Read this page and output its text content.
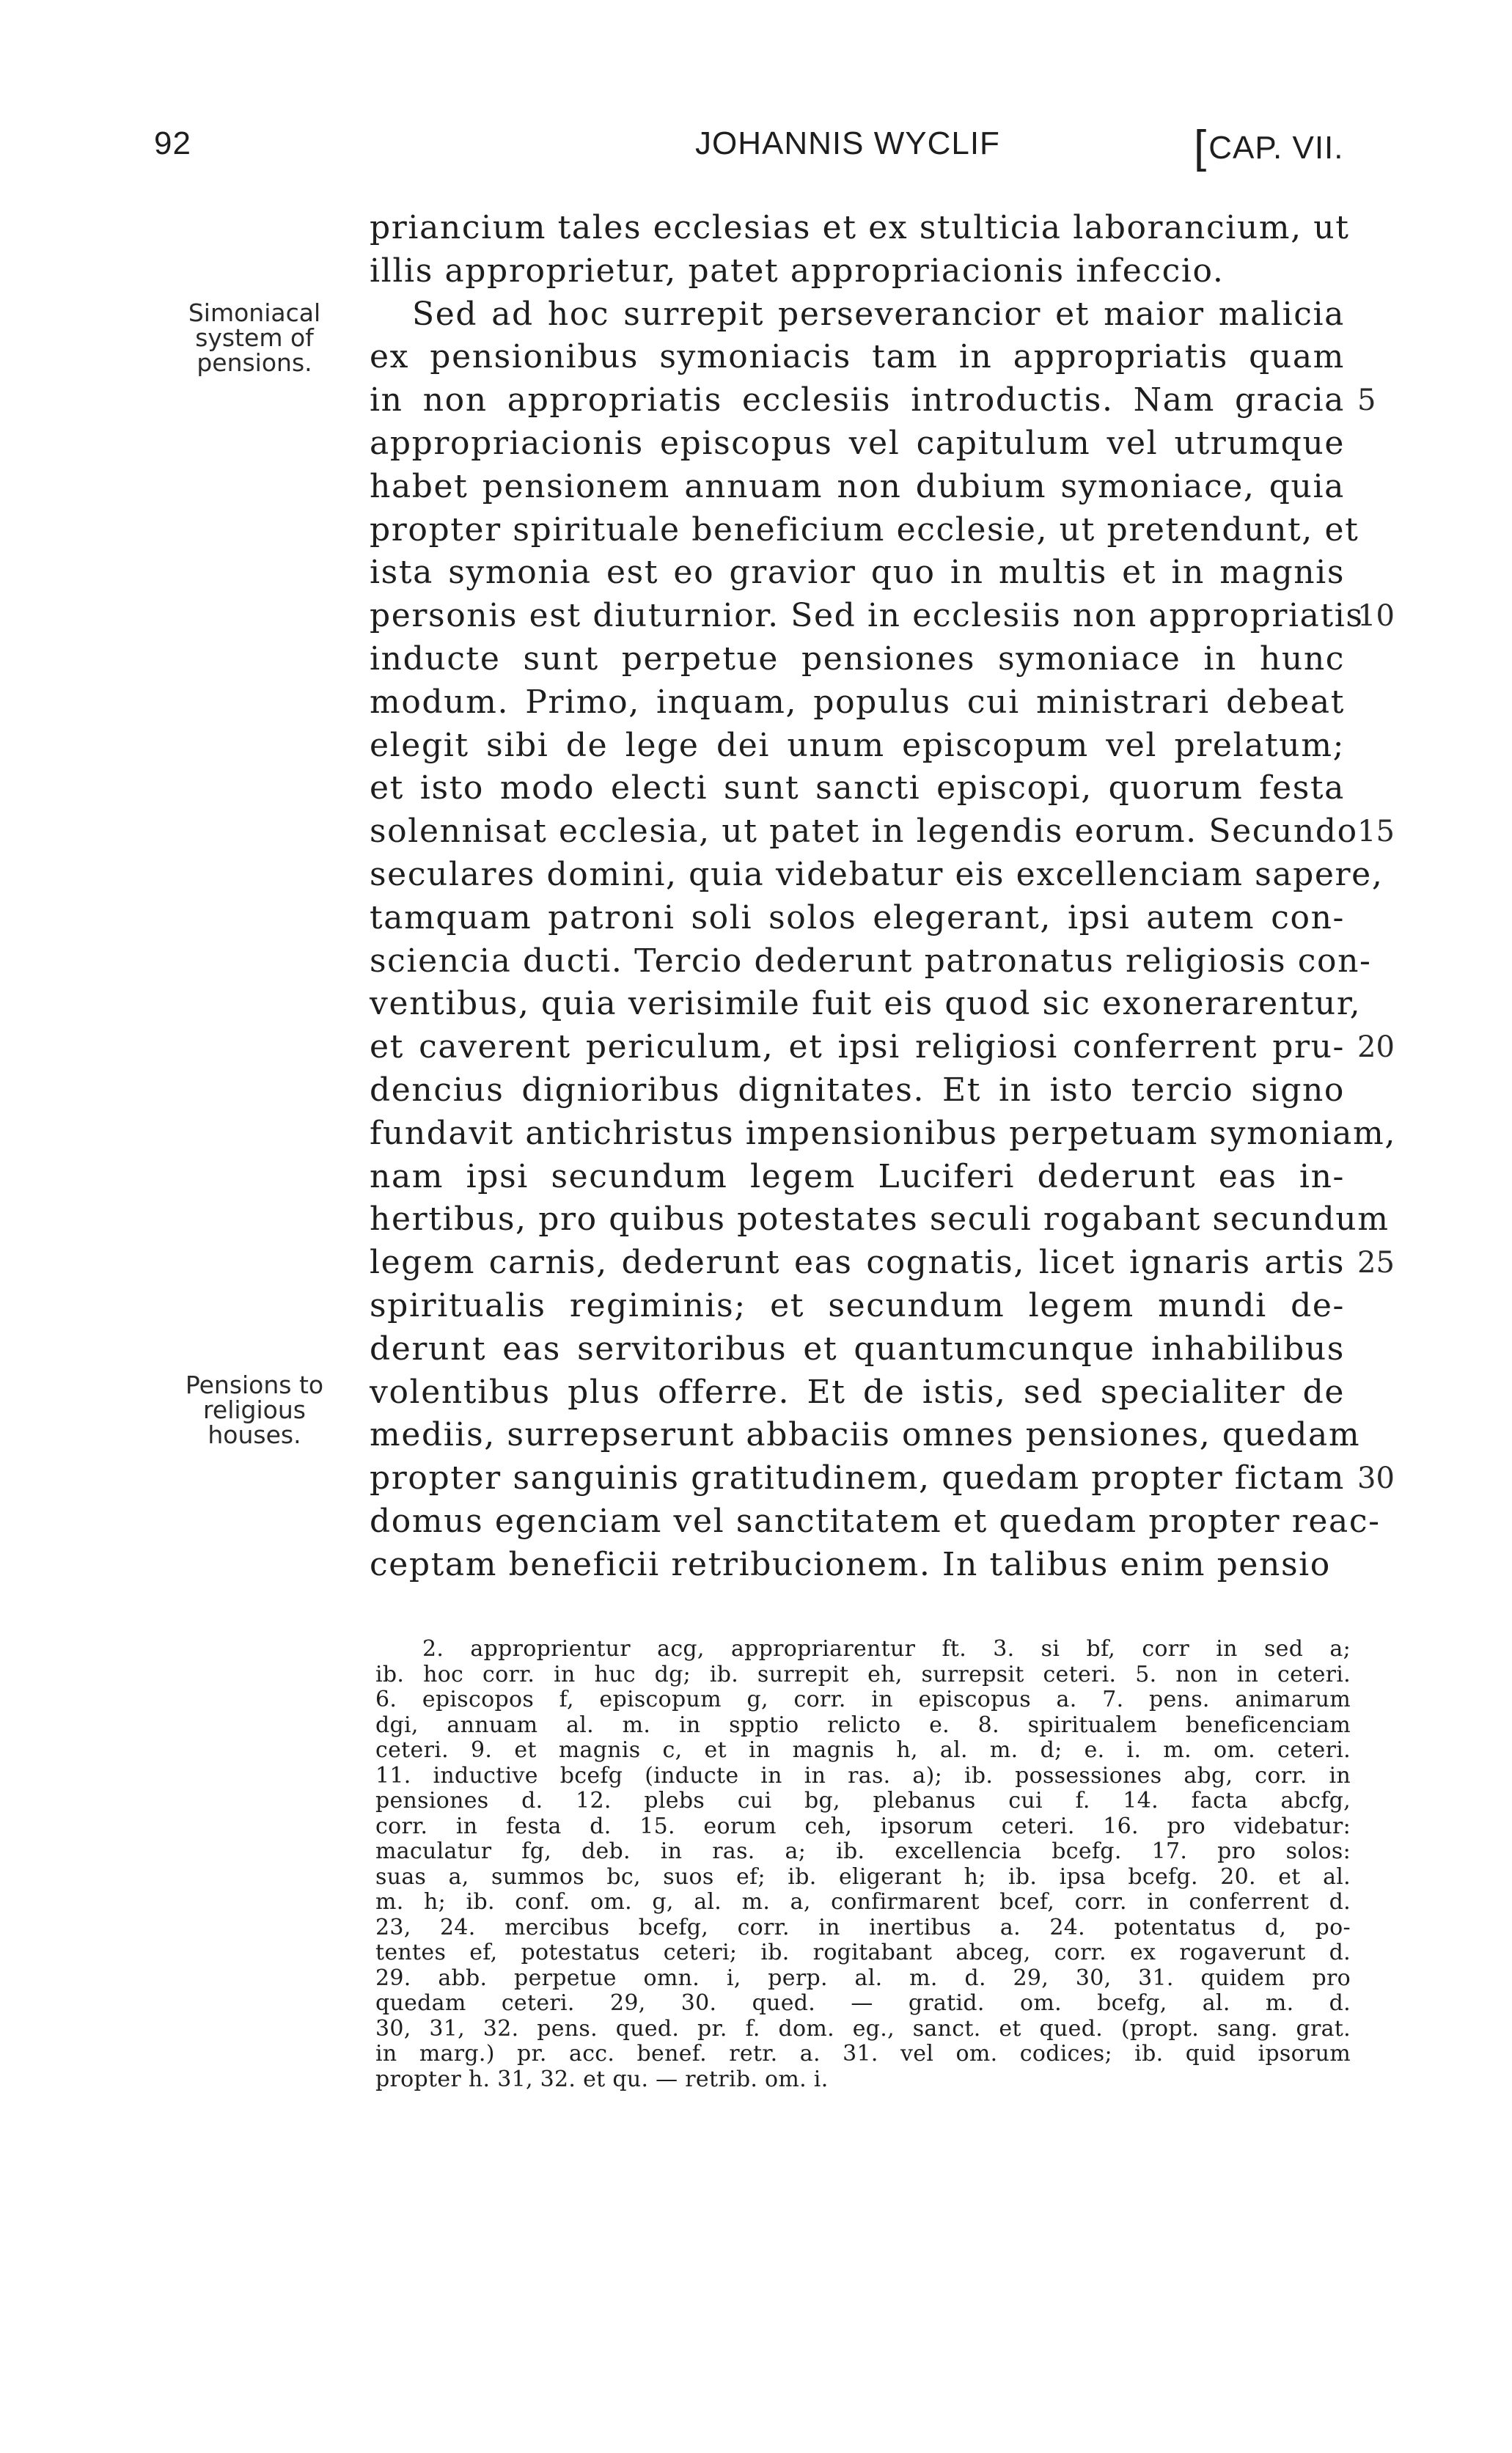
92	JOHANNIS WYCLIF	[CAP. VII.
Simoniacal
system of
pensions.
Pensions to
religious
houses.
priancium tales ecclesias et ex stulticia laborancium, ut
illis approprietur, patet appropriacionis infeccio.
Sed ad hoc surrepit perseverancior et maior malicia
ex pensionibus symoniacis tam in appropriatis quam
in non appropriatis ecclesiis introductis. Nam gracia
appropriacionis episcopus vel capitulum vel utrumque
habet pensionem annuam non dubium symoniace, quia
propter spirituale beneficium ecclesie, ut pretendunt, et
ista symonia est eo gravior quo in multis et in magnis
personis est diuturnior. Sed in ecclesiis non appropriatis
inducte sunt perpetue pensiones symoniace in hunc
modum. Primo, inquam, populus cui ministrari debeat
elegit sibi de lege dei unum episcopum vel prelatum;
et isto modo electi sunt sancti episcopi, quorum festa
solennisat ecclesia, ut patet in legendis eorum. Secundo
seculares domini, quia videbatur eis excellenciam sapere,
tamquam patroni soli solos elegerant, ipsi autem con-
sciencia ducti. Tercio dederunt patronatus religiosis con-
ventibus, quia verisimile fuit eis quod sic exonerarentur,
et caverent periculum, et ipsi religiosi conferrent pru-
dencius dignioribus dignitates. Et in isto tercio signo
fundavit antichristus impensionibus perpetuam symoniam,
nam ipsi secundum legem Luciferi dederunt eas in-
hertibus, pro quibus potestates seculi rogabant secundum
legem carnis, dederunt eas cognatis, licet ignaris artis
spiritualis regiminis; et secundum legem mundi de-
derunt eas servitoribus et quantumcunque inhabilibus
volentibus plus offerre. Et de istis, sed specialiter de
mediis, surrepserunt abbaciis omnes pensiones, quedam
propter sanguinis gratitudinem, quedam propter fictam
domus egenciam vel sanctitatem et quedam propter reac-
ceptam beneficii retribucionem. In talibus enim pensio
5
10
15
20
25
30
2. approprientur acg, appropriarentur ft. 3. si bf, corr in sed a;
ib. hoc corr. in huc dg; ib. surrepit eh, surrepsit ceteri. 5. non in ceteri.
6. episcopos f, episcopum g, corr. in episcopus a. 7. pens. animarum
dgi, annuam al. m. in spptio relicto e. 8. spiritualem beneficenciam
ceteri. 9. et magnis c, et in magnis h, al. m. d; e. i. m. om. ceteri.
11. inductive bcefg (inducte in in ras. a); ib. possessiones abg, corr. in
pensiones d. 12. plebs cui bg, plebanus cui f. 14. facta abcfg,
corr. in festa d. 15. eorum ceh, ipsorum ceteri. 16. pro videbatur:
maculatur fg, deb. in ras. a; ib. excellencia bcefg. 17. pro solos:
suas a, summos bc, suos ef; ib. eligerant h; ib. ipsa bcefg. 20. et al.
m. h; ib. conf. om. g, al. m. a, confirmarent bcef, corr. in conferrent d.
23, 24. mercibus bcefg, corr. in inertibus a. 24. potentatus d, po-
tentes ef, potestatus ceteri; ib. rogitabant abceg, corr. ex rogaverunt d.
29. abb. perpetue omn. i, perp. al. m. d. 29, 30, 31. quidem pro
quedam ceteri. 29, 30. qued. — gratid. om. bcefg, al. m. d.
30, 31, 32. pens. qued. pr. f. dom. eg., sanct. et qued. (propt. sang. grat.
in marg.) pr. acc. benef. retr. a. 31. vel om. codices; ib. quid ipsorum
propter h. 31, 32. et qu. — retrib. om. i.
